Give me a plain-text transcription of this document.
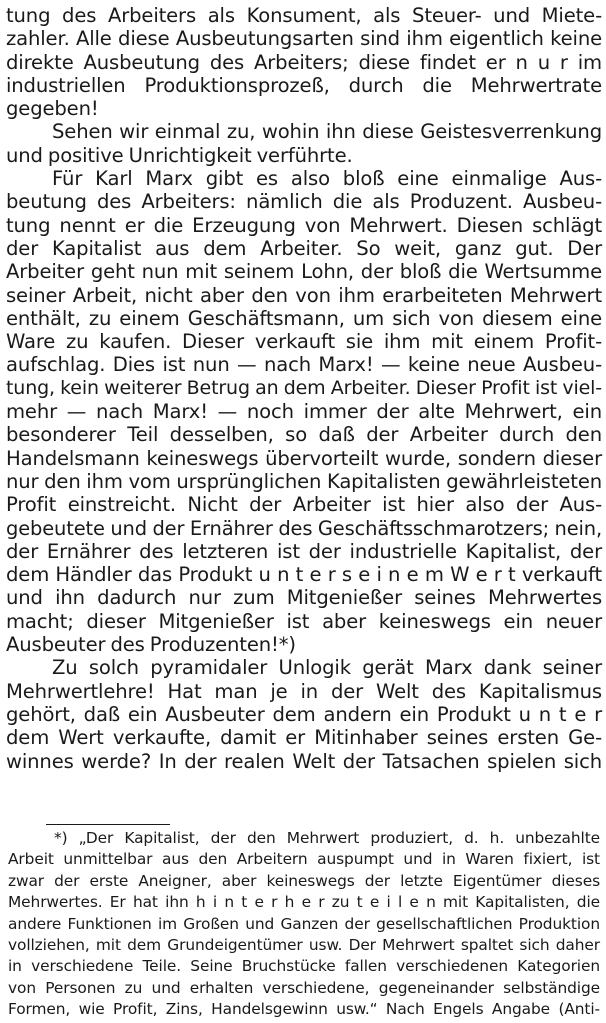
tung des Arbeiters als Konsument, als Steuer- und Miete-
zahler. Alle diese Ausbeutungsarten sind ihm eigentlich keine
direkte Ausbeutung des Arbeiters; diese findet er n u r im
industriellen Produktionsprozeß, durch die Mehrwertrate
gegeben!
Sehen wir einmal zu, wohin ihn diese Geistesverrenkung
und positive Unrichtigkeit verführte.
Für Karl Marx gibt es also bloß eine einmalige Aus-
beutung des Arbeiters: nämlich die als Produzent. Ausbeu-
tung nennt er die Erzeugung von Mehrwert. Diesen schlägt
der Kapitalist aus dem Arbeiter. So weit, ganz gut. Der
Arbeiter geht nun mit seinem Lohn, der bloß die Wertsumme
seiner Arbeit, nicht aber den von ihm erarbeiteten Mehrwert
enthält, zu einem Geschäftsmann, um sich von diesem eine
Ware zu kaufen. Dieser verkauft sie ihm mit einem Profit-
aufschlag. Dies ist nun — nach Marx! — keine neue Ausbeu-
tung, kein weiterer Betrug an dem Arbeiter. Dieser Profit ist viel-
mehr — nach Marx! — noch immer der alte Mehrwert, ein
besonderer Teil desselben, so daß der Arbeiter durch den
Handelsmann keineswegs übervorteilt wurde, sondern dieser
nur den ihm vom ursprünglichen Kapitalisten gewährleisteten
Profit einstreicht. Nicht der Arbeiter ist hier also der Aus-
gebeutete und der Ernährer des Geschäftsschmarotzers; nein,
der Ernährer des letzteren ist der industrielle Kapitalist, der
dem Händler das Produkt u n t e r s e i n e m W e r t verkauft
und ihn dadurch nur zum Mitgenießer seines Mehrwertes
macht; dieser Mitgenießer ist aber keineswegs ein neuer
Ausbeuter des Produzenten!*)
Zu solch pyramidaler Unlogik gerät Marx dank seiner
Mehrwertlehre! Hat man je in der Welt des Kapitalismus
gehört, daß ein Ausbeuter dem andern ein Produkt u n t e r
dem Wert verkaufte, damit er Mitinhaber seines ersten Ge-
winnes werde? In der realen Welt der Tatsachen spielen sich
*) „Der Kapitalist, der den Mehrwert produziert, d. h. unbezahlte
Arbeit unmittelbar aus den Arbeitern auspumpt und in Waren fixiert, ist
zwar der erste Aneigner, aber keineswegs der letzte Eigentümer dieses
Mehrwertes. Er hat ihn h i n t e r h e r zu t e i l e n mit Kapitalisten, die
andere Funktionen im Großen und Ganzen der gesellschaftlichen Produktion
vollziehen, mit dem Grundeigentümer usw. Der Mehrwert spaltet sich daher
in verschiedene Teile. Seine Bruchstücke fallen verschiedenen Kategorien
von Personen zu und erhalten verschiedene, gegeneinander selbständige
Formen, wie Profit, Zins, Handelsgewinn usw.“ Nach Engels Angabe (Anti-
